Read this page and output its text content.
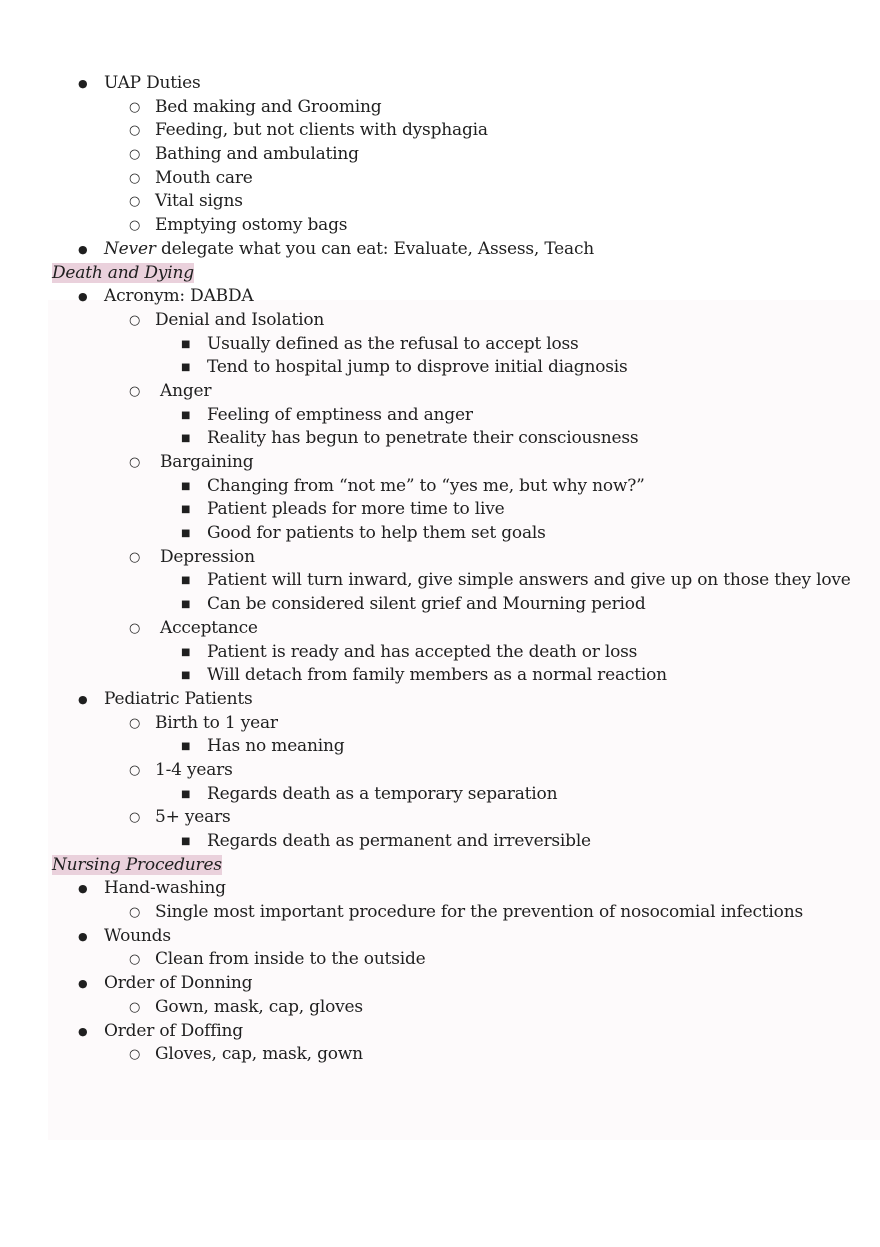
● UAP Duties
○ Bed making and Grooming
○ Feeding, but not clients with dysphagia
○ Bathing and ambulating
○ Mouth care
○ Vital signs
○ Emptying ostomy bags
● Never delegate what you can eat: Evaluate, Assess, Teach
Death and Dying
● Acronym: DABDA
○ Denial and Isolation
■ Usually defined as the refusal to accept loss
■ Tend to hospital jump to disprove initial diagnosis
○ Anger
■ Feeling of emptiness and anger
■ Reality has begun to penetrate their consciousness
○ Bargaining
■ Changing from “not me” to “yes me, but why now?”
■ Patient pleads for more time to live
■ Good for patients to help them set goals
○ Depression
■ Patient will turn inward, give simple answers and give up on those they love
■ Can be considered silent grief and Mourning period
○ Acceptance
■ Patient is ready and has accepted the death or loss
■ Will detach from family members as a normal reaction
● Pediatric Patients
○ Birth to 1 year
■ Has no meaning
○ 1-4 years
■ Regards death as a temporary separation
○ 5+ years
■ Regards death as permanent and irreversible
Nursing Procedures
● Hand-washing
○ Single most important procedure for the prevention of nosocomial infections
● Wounds
○ Clean from inside to the outside
● Order of Donning
○ Gown, mask, cap, gloves
● Order of Doffing
○ Gloves, cap, mask, gown
